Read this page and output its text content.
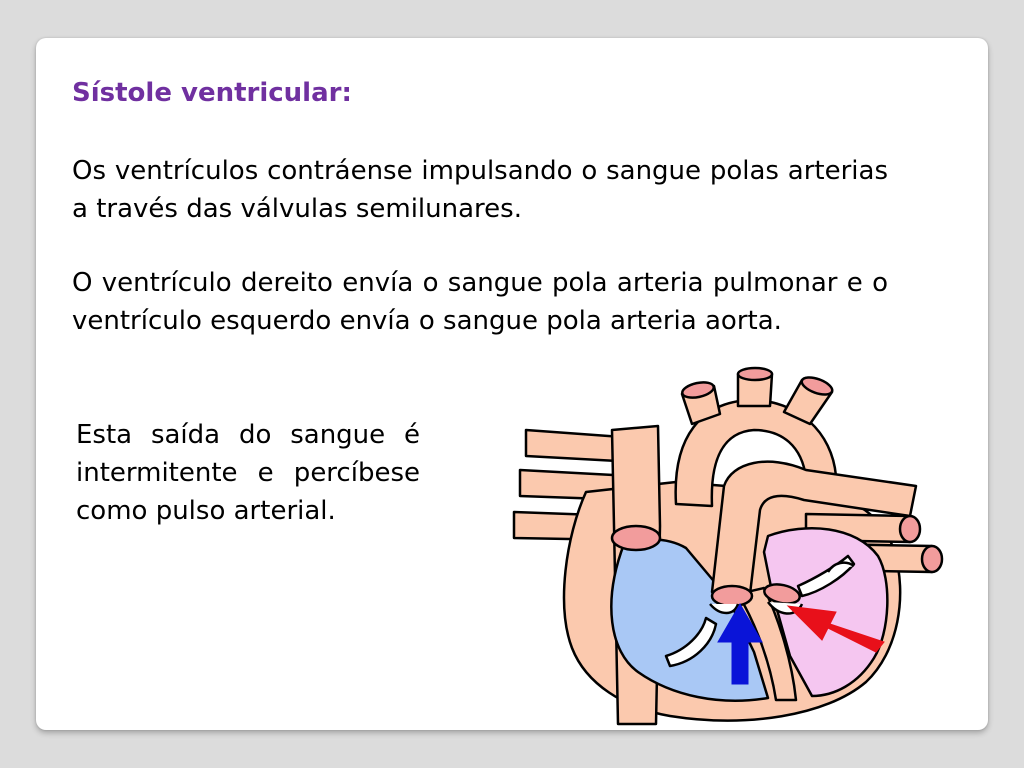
Sístole ventricular:

Os ventrículos contráense impulsando o sangue polas arterias a través das válvulas semilunares.

O ventrículo dereito envía o sangue pola arteria pulmonar e o ventrículo esquerdo envía o sangue pola arteria aorta.

Esta saída do sangue é intermitente e percíbese como pulso arterial.
